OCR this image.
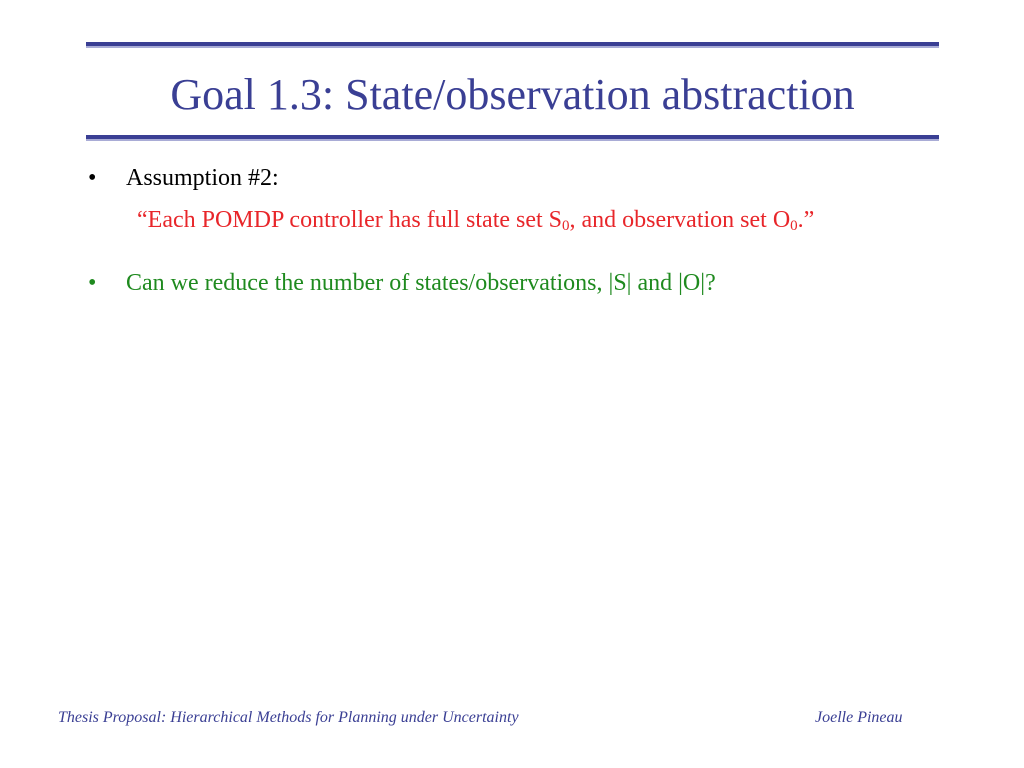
Goal 1.3: State/observation abstraction
•	Assumption #2:
“Each POMDP controller has full state set $S_0$, and observation set $O_0$.”
•	Can we reduce the number of states/observations, |S| and |O|?
Thesis Proposal: Hierarchical Methods for Planning under Uncertainty	Joelle Pineau
